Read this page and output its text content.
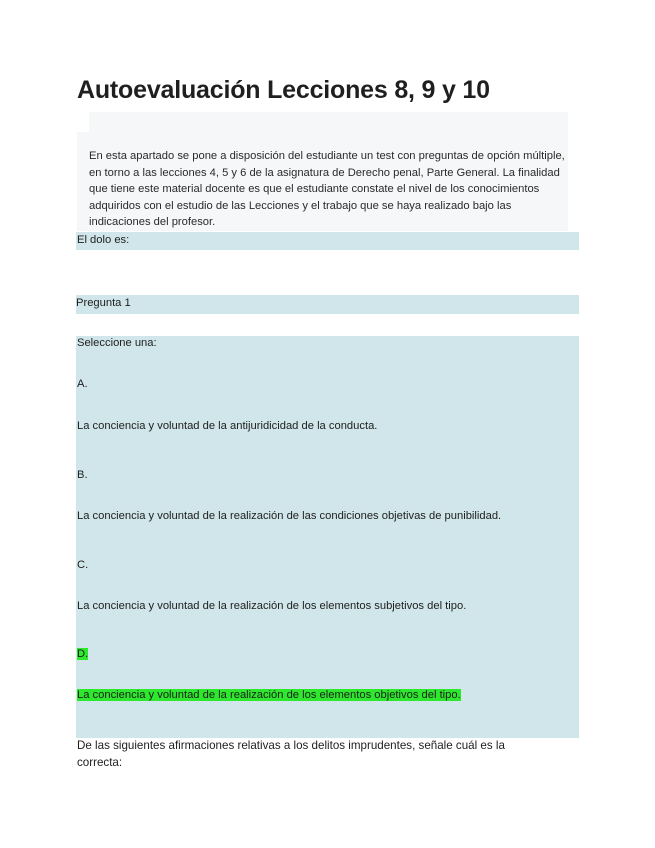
Autoevaluación Lecciones 8, 9 y 10

En esta apartado se pone a disposición del estudiante un test con preguntas de opción múltiple, en torno a las lecciones 4, 5 y 6 de la asignatura de Derecho penal, Parte General. La finalidad que tiene este material docente es que el estudiante constate el nivel de los conocimientos adquiridos con el estudio de las Lecciones y el trabajo que se haya realizado bajo las indicaciones del profesor.

El dolo es:
Pregunta 1
Seleccione una:
A.
La conciencia y voluntad de la antijuridicidad de la conducta.
B.
La conciencia y voluntad de la realización de las condiciones objetivas de punibilidad.
C.
La conciencia y voluntad de la realización de los elementos subjetivos del tipo.
D.
La conciencia y voluntad de la realización de los elementos objetivos del tipo.

De las siguientes afirmaciones relativas a los delitos imprudentes, señale cuál es la correcta:
